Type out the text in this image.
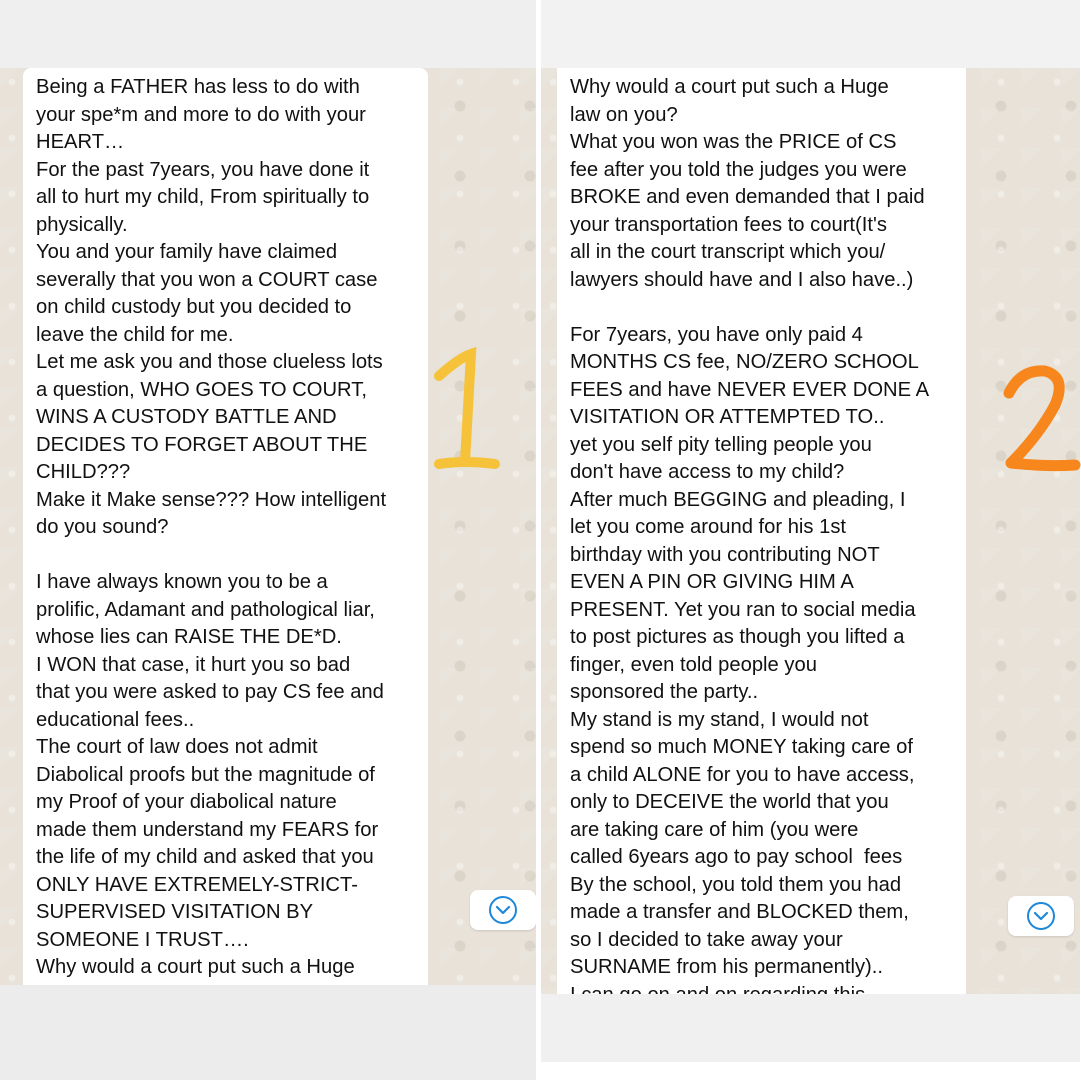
Being a FATHER has less to do with
your spe*m and more to do with your
HEART…
For the past 7years, you have done it
all to hurt my child, From spiritually to
physically.
You and your family have claimed
severally that you won a COURT case
on child custody but you decided to
leave the child for me.
Let me ask you and those clueless lots
a question, WHO GOES TO COURT,
WINS A CUSTODY BATTLE AND
DECIDES TO FORGET ABOUT THE
CHILD???
Make it Make sense??? How intelligent
do you sound?
I have always known you to be a
prolific, Adamant and pathological liar,
whose lies can RAISE THE DE*D.
I WON that case, it hurt you so bad
that you were asked to pay CS fee and
educational fees..
The court of law does not admit
Diabolical proofs but the magnitude of
my Proof of your diabolical nature
made them understand my FEARS for
the life of my child and asked that you
ONLY HAVE EXTREMELY-STRICT-
SUPERVISED VISITATION BY
SOMEONE I TRUST….
Why would a court put such a Huge
Why would a court put such a Huge
law on you?
What you won was the PRICE of CS
fee after you told the judges you were
BROKE and even demanded that I paid
your transportation fees to court(It's
all in the court transcript which you/
lawyers should have and I also have..)
For 7years, you have only paid 4
MONTHS CS fee, NO/ZERO SCHOOL
FEES and have NEVER EVER DONE A
VISITATION OR ATTEMPTED TO..
yet you self pity telling people you
don't have access to my child?
After much BEGGING and pleading, I
let you come around for his 1st
birthday with you contributing NOT
EVEN A PIN OR GIVING HIM A
PRESENT. Yet you ran to social media
to post pictures as though you lifted a
finger, even told people you
sponsored the party..
My stand is my stand, I would not
spend so much MONEY taking care of
a child ALONE for you to have access,
only to DECEIVE the world that you
are taking care of him (you were
called 6years ago to pay school  fees
By the school, you told them you had
made a transfer and BLOCKED them,
so I decided to take away your
SURNAME from his permanently)..
